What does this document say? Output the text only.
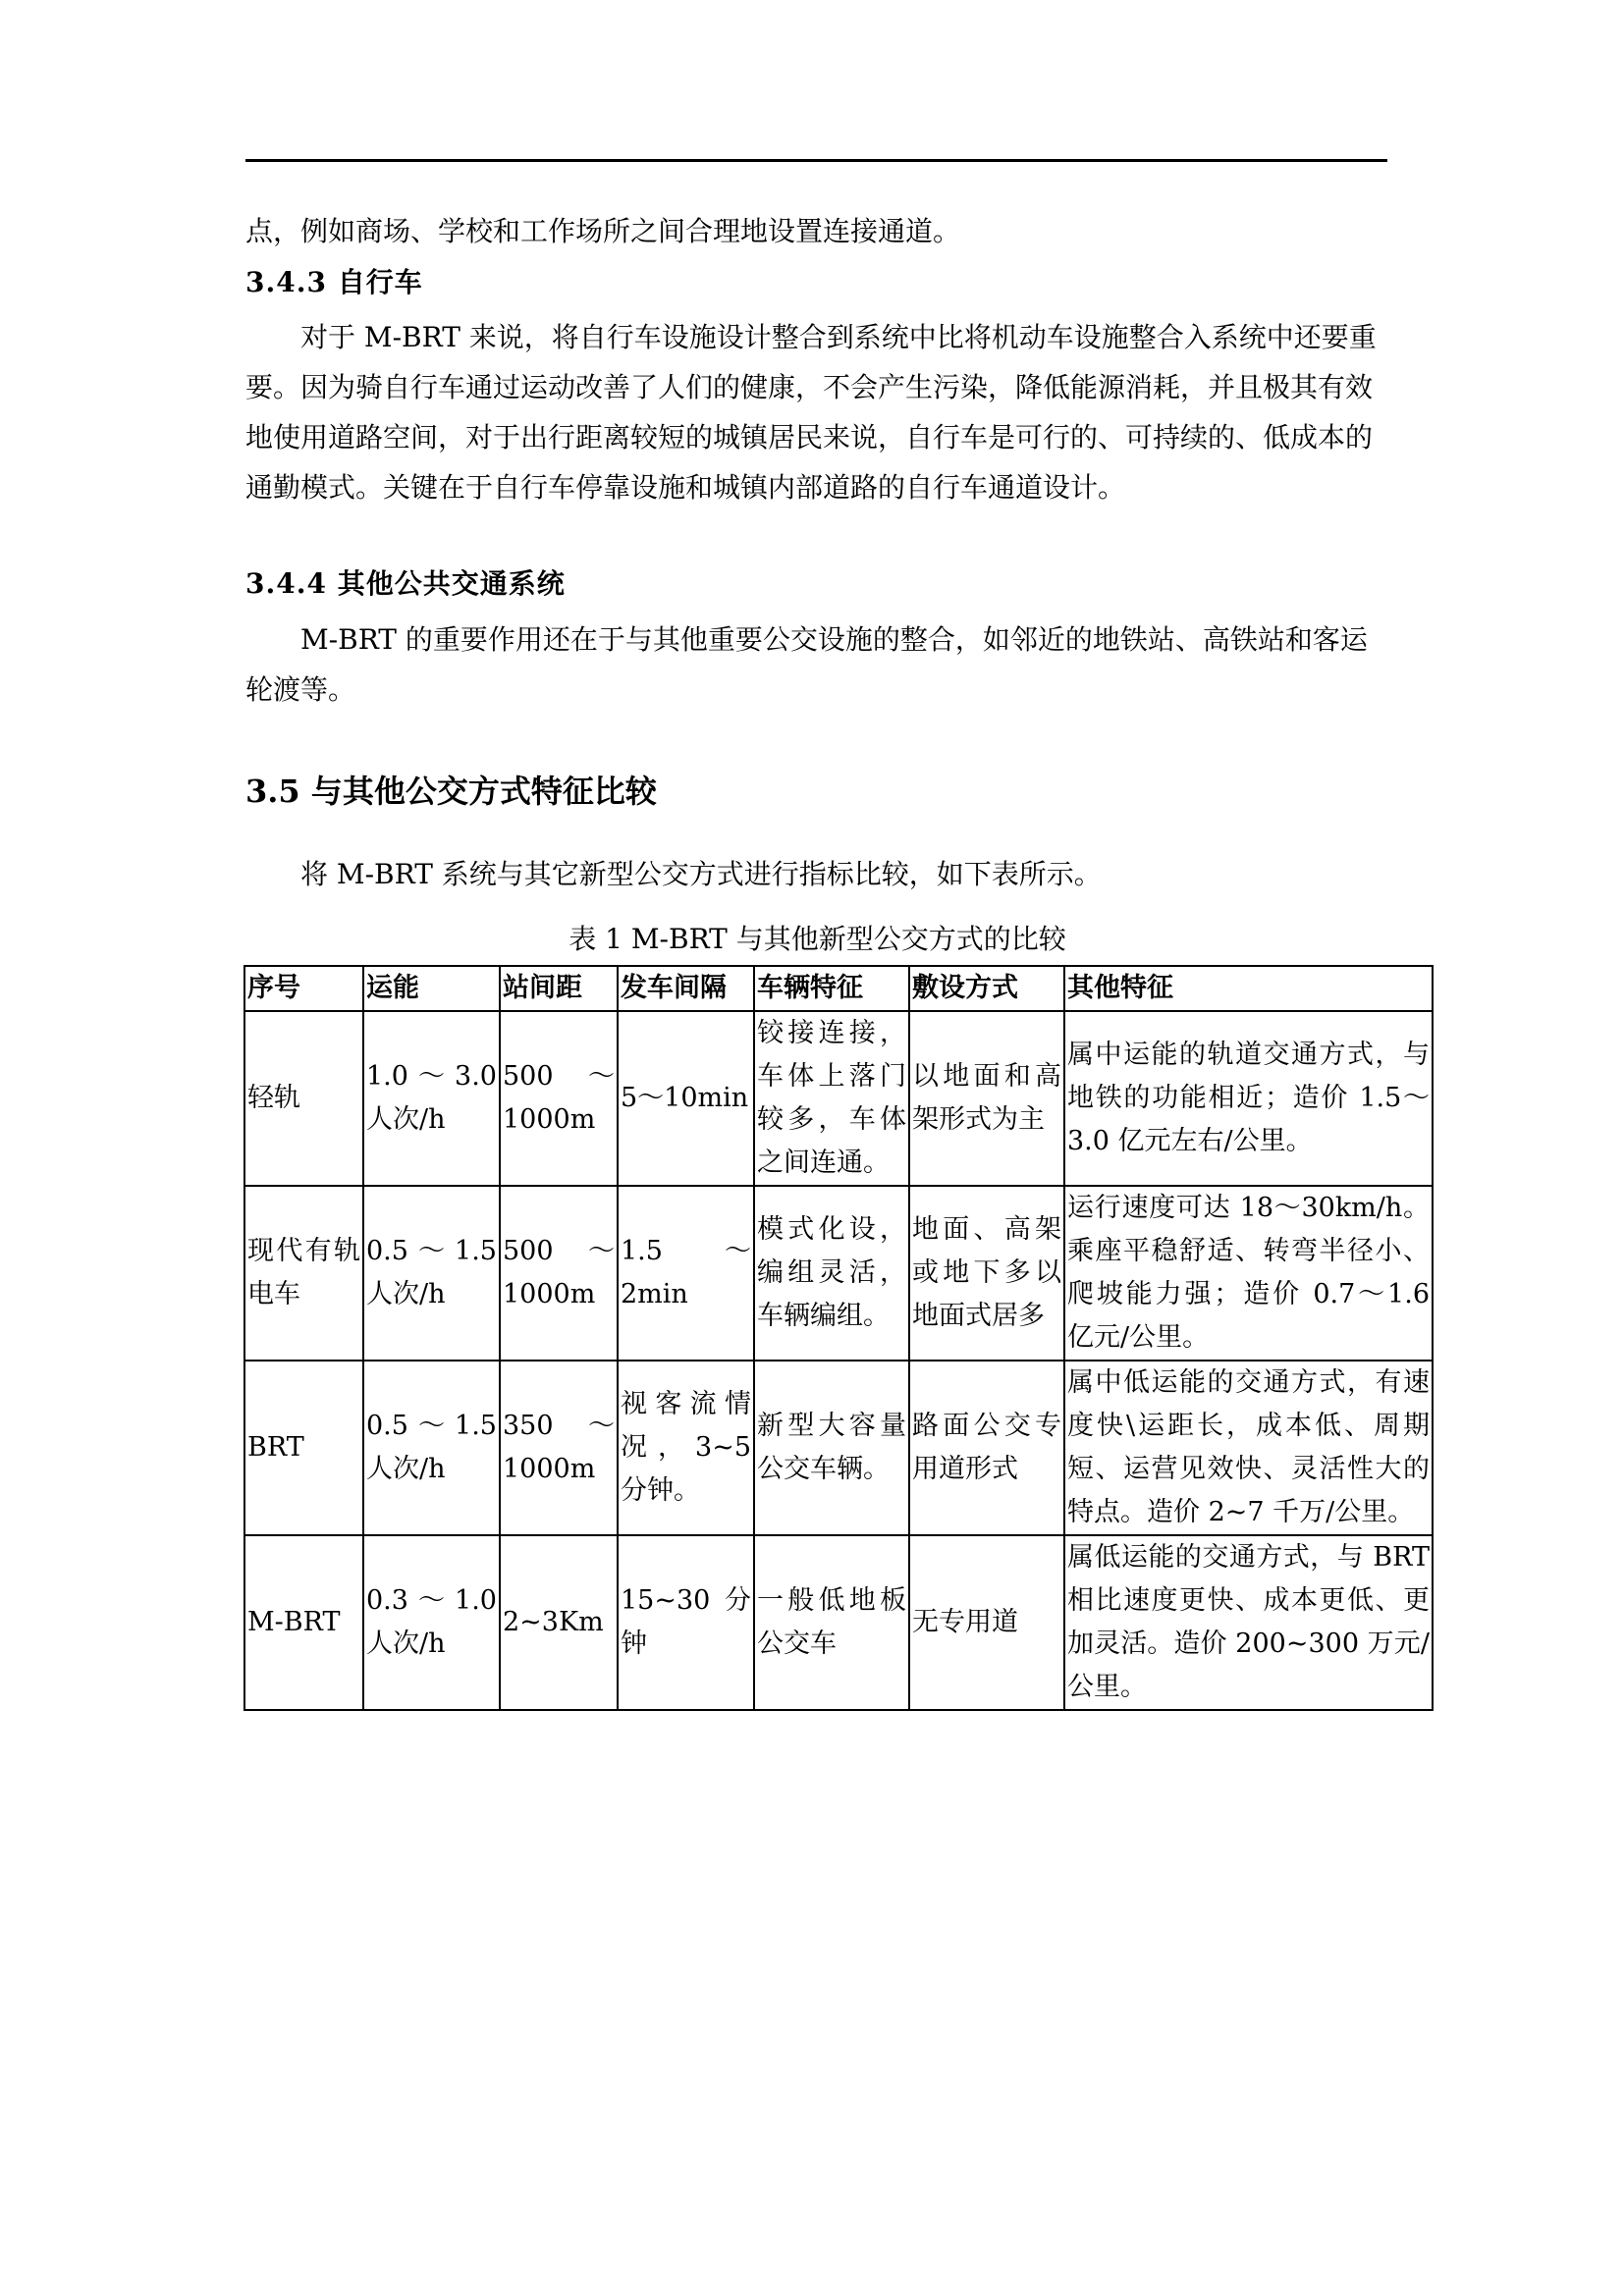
点，例如商场、学校和工作场所之间合理地设置连接通道。

3.4.3 自行车

对于 M-BRT 来说，将自行车设施设计整合到系统中比将机动车设施整合入系统中还要重要。因为骑自行车通过运动改善了人们的健康，不会产生污染，降低能源消耗，并且极其有效地使用道路空间，对于出行距离较短的城镇居民来说，自行车是可行的、可持续的、低成本的通勤模式。关键在于自行车停靠设施和城镇内部道路的自行车通道设计。

3.4.4 其他公共交通系统

M-BRT 的重要作用还在于与其他重要公交设施的整合，如邻近的地铁站、高铁站和客运轮渡等。

3.5 与其他公交方式特征比较

将 M-BRT 系统与其它新型公交方式进行指标比较，如下表所示。

表 1 M-BRT 与其他新型公交方式的比较

序号	运能	站间距	发车间隔	车辆特征	敷设方式	其他特征
轻轨	1.0～3.0 人次/h	500 ～ 1000m	5～10min	铰接连接，车体上落门较多，车体之间连通。	以地面和高架形式为主	属中运能的轨道交通方式，与地铁的功能相近；造价 1.5～3.0 亿元左右/公里。
现代有轨电车	0.5～1.5 人次/h	500 ～ 1000m	1.5～2min	模式化设，编组灵活，车辆编组。	地面、高架或地下多以地面式居多	运行速度可达 18～30km/h。乘座平稳舒适、转弯半径小、爬坡能力强；造价 0.7～1.6 亿元/公里。
BRT	0.5～1.5 人次/h	350 ～ 1000m	视客流情况，3~5 分钟。	新型大容量公交车辆。	路面公交专用道形式	属中低运能的交通方式，有速度快\运距长，成本低、周期短、运营见效快、灵活性大的特点。造价 2~7 千万/公里。
M-BRT	0.3～1.0 人次/h	2~3Km	15~30 分钟	一般低地板公交车	无专用道	属低运能的交通方式，与 BRT 相比速度更快、成本更低、更加灵活。造价 200~300 万元/公里。
